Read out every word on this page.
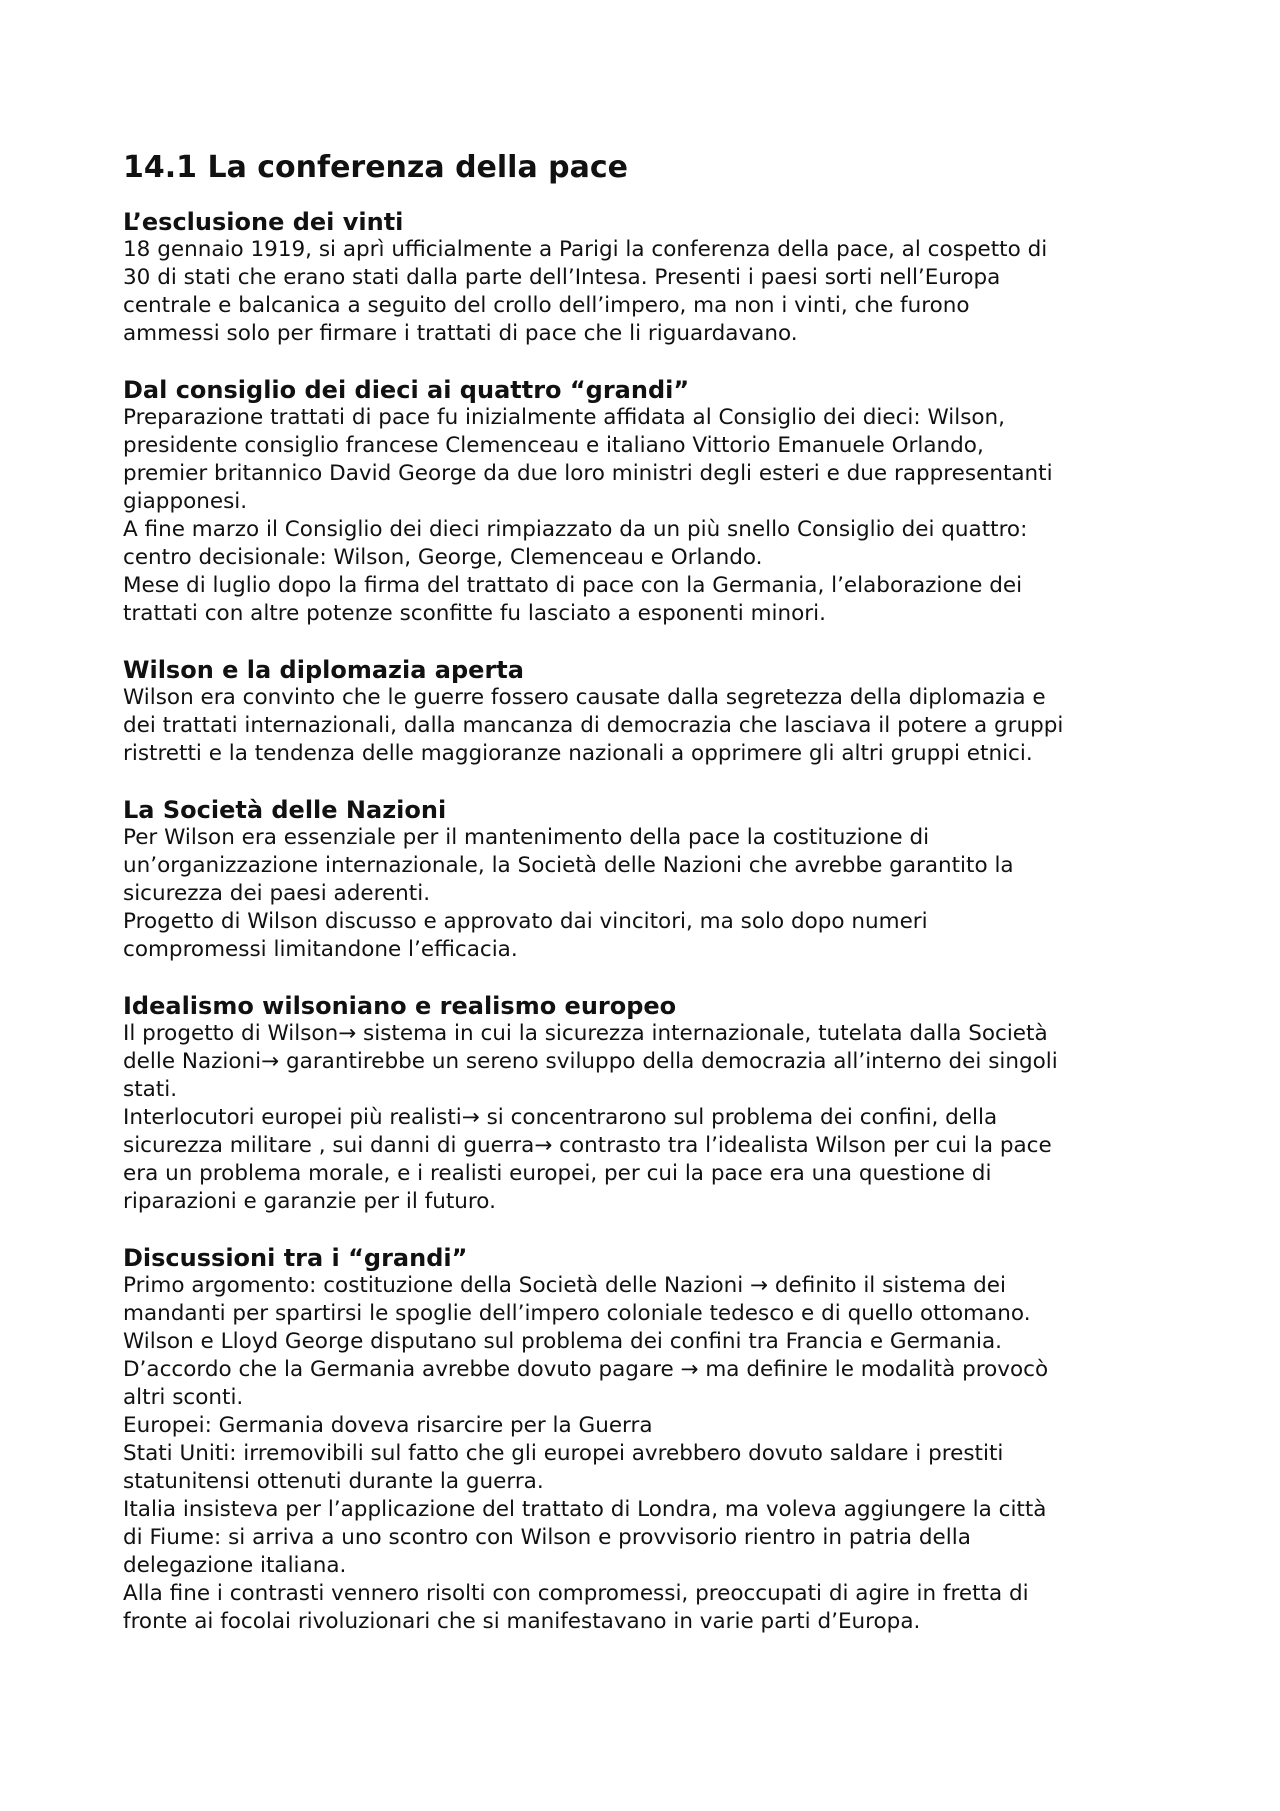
14.1 La conferenza della pace
L’esclusione dei vinti

18 gennaio 1919, si aprì ufficialmente a Parigi la conferenza della pace, al cospetto di
30 di stati che erano stati dalla parte dell’Intesa. Presenti i paesi sorti nell’Europa
centrale e balcanica a seguito del crollo dell’impero, ma non i vinti, che furono
ammessi solo per firmare i trattati di pace che li riguardavano.

Dal consiglio dei dieci ai quattro “grandi”

Preparazione trattati di pace fu inizialmente affidata al Consiglio dei dieci: Wilson,
presidente consiglio francese Clemenceau e italiano Vittorio Emanuele Orlando,
premier britannico David George da due loro ministri degli esteri e due rappresentanti
giapponesi.

A fine marzo il Consiglio dei dieci rimpiazzato da un più snello Consiglio dei quattro:
centro decisionale: Wilson, George, Clemenceau e Orlando.

Mese di luglio dopo la firma del trattato di pace con la Germania, l’elaborazione dei
trattati con altre potenze sconfitte fu lasciato a esponenti minori.

Wilson e la diplomazia aperta

Wilson era convinto che le guerre fossero causate dalla segretezza della diplomazia e
dei trattati internazionali, dalla mancanza di democrazia che lasciava il potere a gruppi
ristretti e la tendenza delle maggioranze nazionali a opprimere gli altri gruppi etnici.

La Società delle Nazioni

Per Wilson era essenziale per il mantenimento della pace la costituzione di
un’organizzazione internazionale, la Società delle Nazioni che avrebbe garantito la
sicurezza dei paesi aderenti.

Progetto di Wilson discusso e approvato dai vincitori, ma solo dopo numeri
compromessi limitandone l’efficacia.

Idealismo wilsoniano e realismo europeo

Il progetto di Wilson→ sistema in cui la sicurezza internazionale, tutelata dalla Società
delle Nazioni→ garantirebbe un sereno sviluppo della democrazia all’interno dei singoli
stati.

Interlocutori europei più realisti→ si concentrarono sul problema dei confini, della
sicurezza militare , sui danni di guerra→ contrasto tra l’idealista Wilson per cui la pace
era un problema morale, e i realisti europei, per cui la pace era una questione di
riparazioni e garanzie per il futuro.

Discussioni tra i “grandi”

Primo argomento: costituzione della Società delle Nazioni → definito il sistema dei
mandanti per spartirsi le spoglie dell’impero coloniale tedesco e di quello ottomano.

Wilson e Lloyd George disputano sul problema dei confini tra Francia e Germania.

D’accordo che la Germania avrebbe dovuto pagare → ma definire le modalità provocò
altri sconti.

Europei: Germania doveva risarcire per la Guerra

Stati Uniti: irremovibili sul fatto che gli europei avrebbero dovuto saldare i prestiti
statunitensi ottenuti durante la guerra.

Italia insisteva per l’applicazione del trattato di Londra, ma voleva aggiungere la città
di Fiume: si arriva a uno scontro con Wilson e provvisorio rientro in patria della
delegazione italiana.

Alla fine i contrasti vennero risolti con compromessi, preoccupati di agire in fretta di
fronte ai focolai rivoluzionari che si manifestavano in varie parti d’Europa.
